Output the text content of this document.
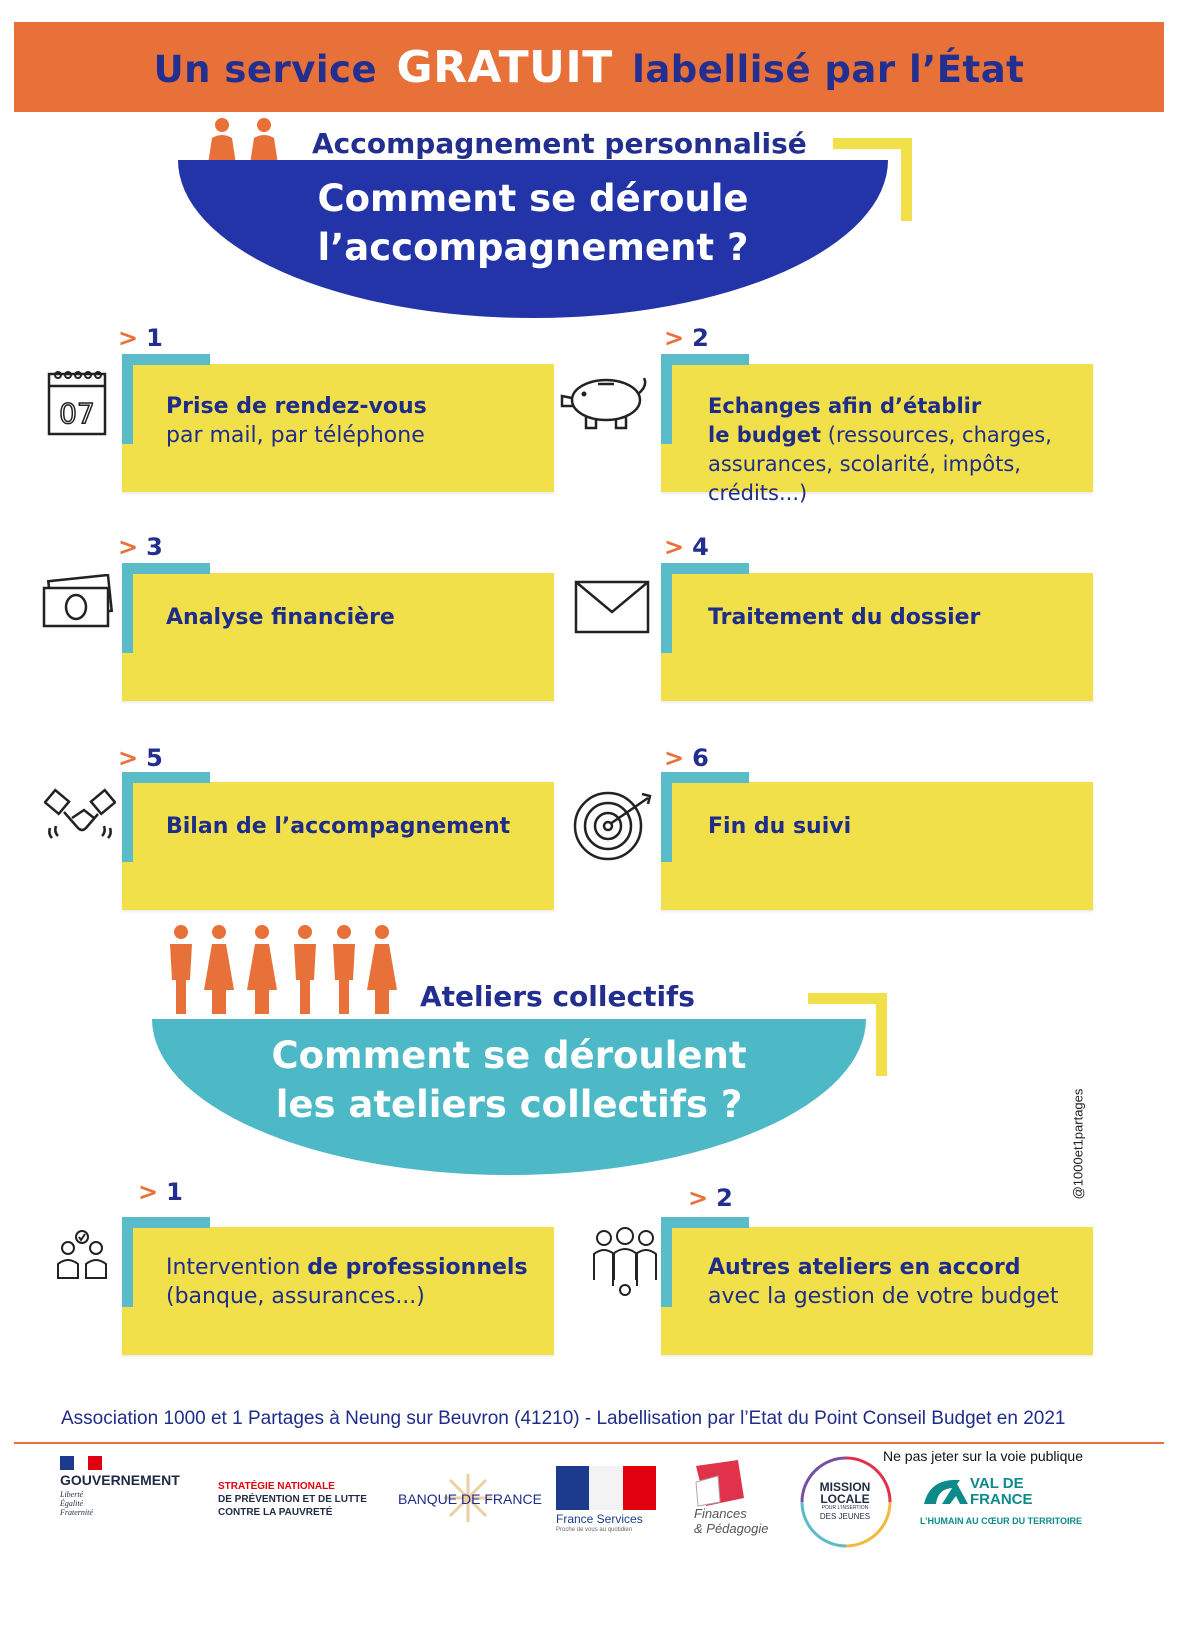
Un service GRATUIT labellisé par l’État
Accompagnement personnalisé
Comment se déroule
l’accompagnement ?
> 1
07	Prise de rendez-vous
par mail, par téléphone
> 2
Echanges afin d’établir
le budget (ressources, charges,
assurances, scolarité, impôts, crédits...)
> 3
Analyse financière
> 4
Traitement du dossier
> 5
Bilan de l’accompagnement
> 6
Fin du suivi
Ateliers collectifs
Comment se déroulent
les ateliers collectifs ?	@1000et1partages
> 1
Intervention de professionnels
(banque, assurances...)
> 2
Autres ateliers en accord
avec la gestion de votre budget
Association 1000 et 1 Partages à Neung sur Beuvron (41210) - Labellisation par l’Etat du Point Conseil Budget en 2021
Ne pas jeter sur la voie publique
GOUVERNEMENT
Liberté
Égalité
Fraternité
STRATÉGIE NATIONALE
DE PRÉVENTION ET DE LUTTE
CONTRE LA PAUVRETÉ
BANQUE DE FRANCE
France Services
Proche de vous au quotidien
Finances
& Pédagogie
MISSION
LOCALE
POUR L’INSERTION
DES JEUNES
VAL DE
FRANCE
L’HUMAIN AU CŒUR DU TERRITOIRE
